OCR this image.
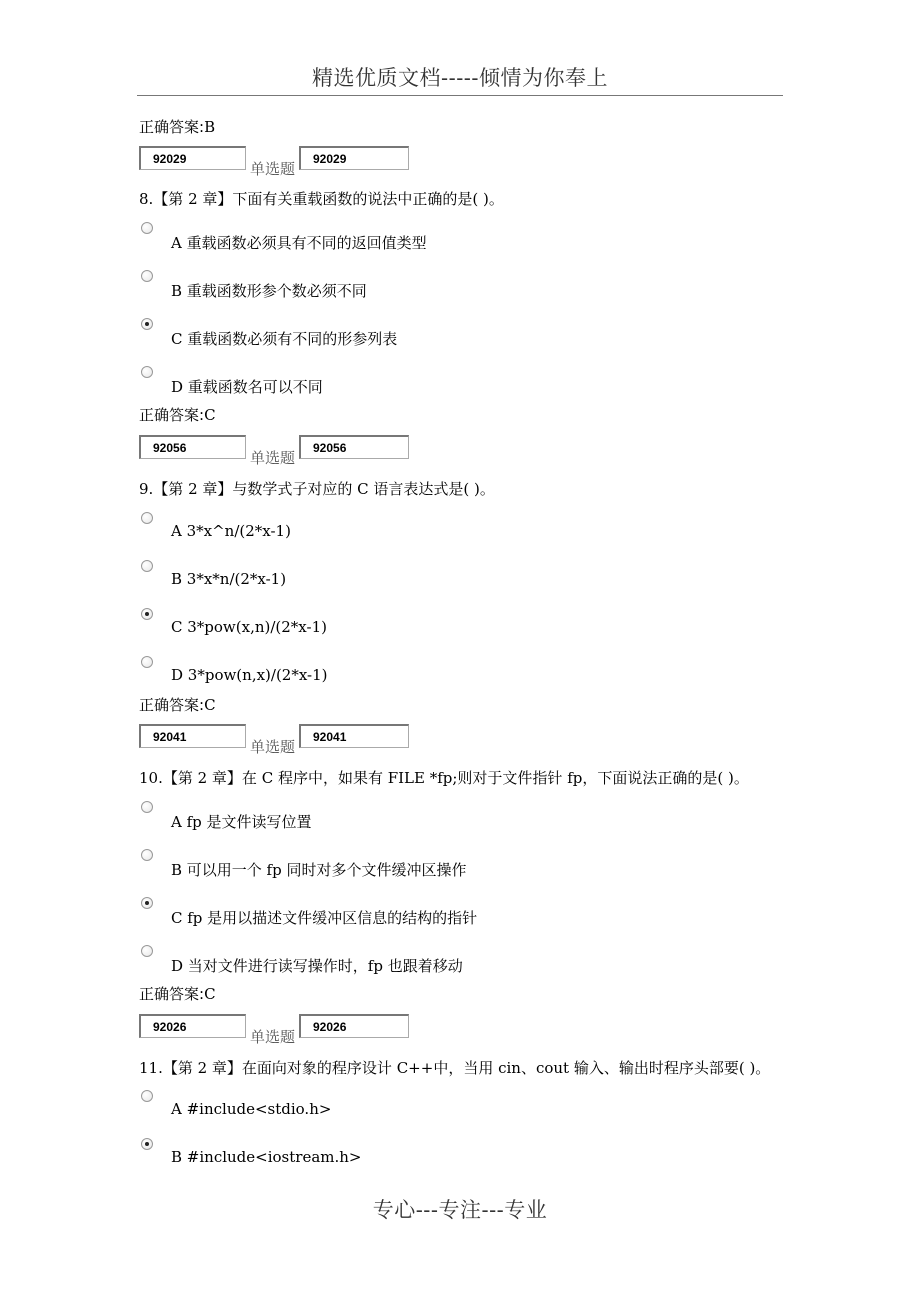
精选优质文档-----倾情为你奉上
正确答案:B
92029
单选题
92029
8.【第 2 章】下面有关重载函数的说法中正确的是( )。
A 重载函数必须具有不同的返回值类型
B 重载函数形参个数必须不同
C 重载函数必须有不同的形参列表
D 重载函数名可以不同
正确答案:C
92056
单选题
92056
9.【第 2 章】与数学式子对应的 C 语言表达式是( )。
A 3*x^n/(2*x-1)
B 3*x*n/(2*x-1)
C 3*pow(x,n)/(2*x-1)
D 3*pow(n,x)/(2*x-1)
正确答案:C
92041
单选题
92041
10.【第 2 章】在 C 程序中，如果有 FILE *fp;则对于文件指针 fp，下面说法正确的是( )。
A fp 是文件读写位置
B 可以用一个 fp 同时对多个文件缓冲区操作
C fp 是用以描述文件缓冲区信息的结构的指针
D 当对文件进行读写操作时，fp 也跟着移动
正确答案:C
92026
单选题
92026
11.【第 2 章】在面向对象的程序设计 C++中，当用 cin、cout 输入、输出时程序头部要( )。
A #include<stdio.h>
B #include<iostream.h>
专心---专注---专业
